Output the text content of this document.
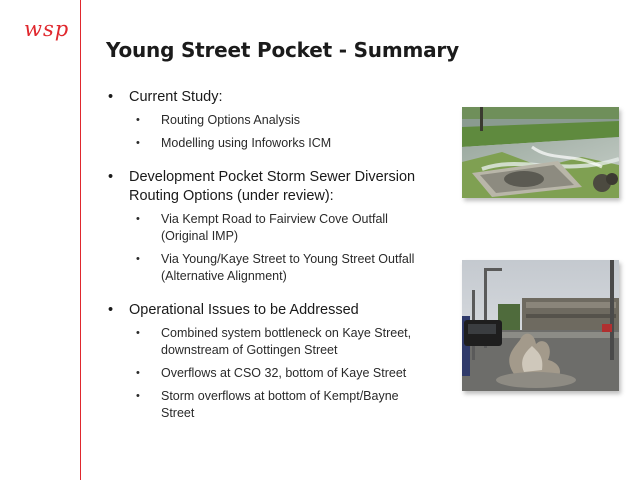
wsp
Young Street Pocket - Summary
• Current Study:
• Routing Options Analysis
• Modelling using Infoworks ICM
• Development Pocket Storm Sewer Diversion
Routing Options (under review):
• Via Kempt Road to Fairview Cove Outfall
(Original IMP)
• Via Young/Kaye Street to Young Street Outfall
(Alternative Alignment)
• Operational Issues to be Addressed
• Combined system bottleneck on Kaye Street,
downstream of Gottingen Street
• Overflows at CSO 32, bottom of Kaye Street
• Storm overflows at bottom of Kempt/Bayne
Street
